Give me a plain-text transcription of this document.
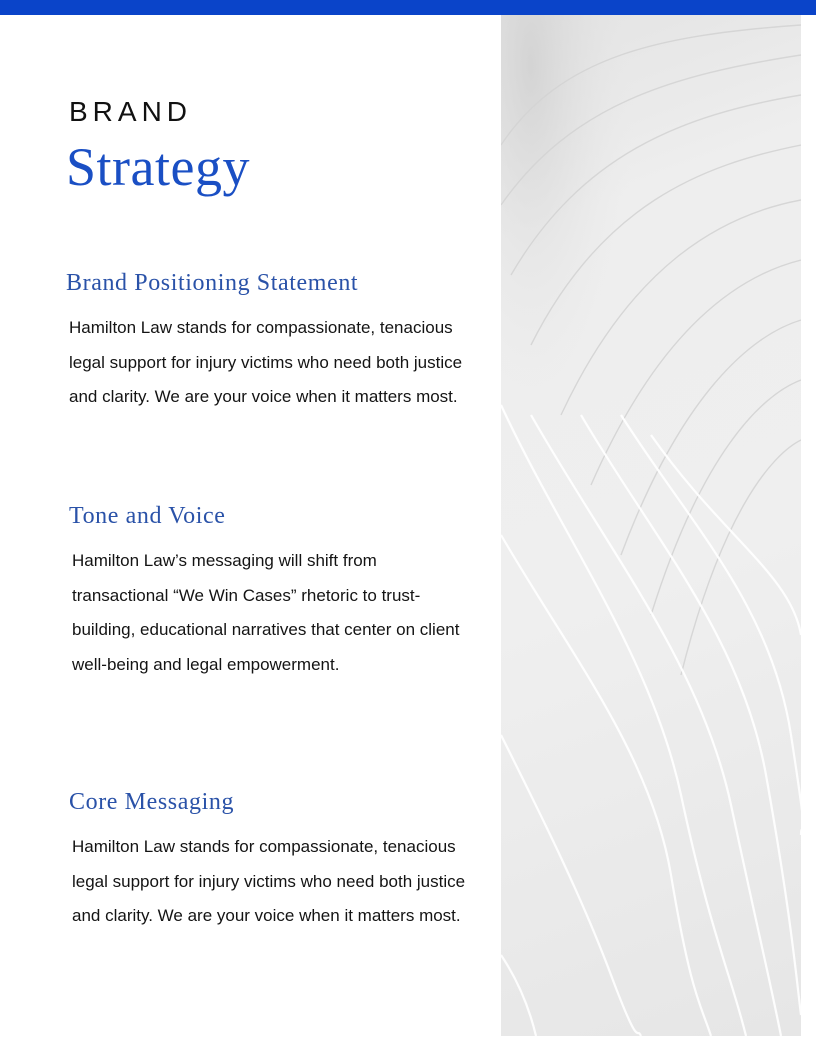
BRAND
Strategy
Brand Positioning Statement
Hamilton Law stands for compassionate, tenacious legal support for injury victims who need both justice and clarity. We are your voice when it matters most.
Tone and Voice
Hamilton Law’s messaging will shift from transactional “We Win Cases” rhetoric to trust-building, educational narratives that center on client well-being and legal empowerment.
Core Messaging
Hamilton Law stands for compassionate, tenacious legal support for injury victims who need both justice and clarity. We are your voice when it matters most.
